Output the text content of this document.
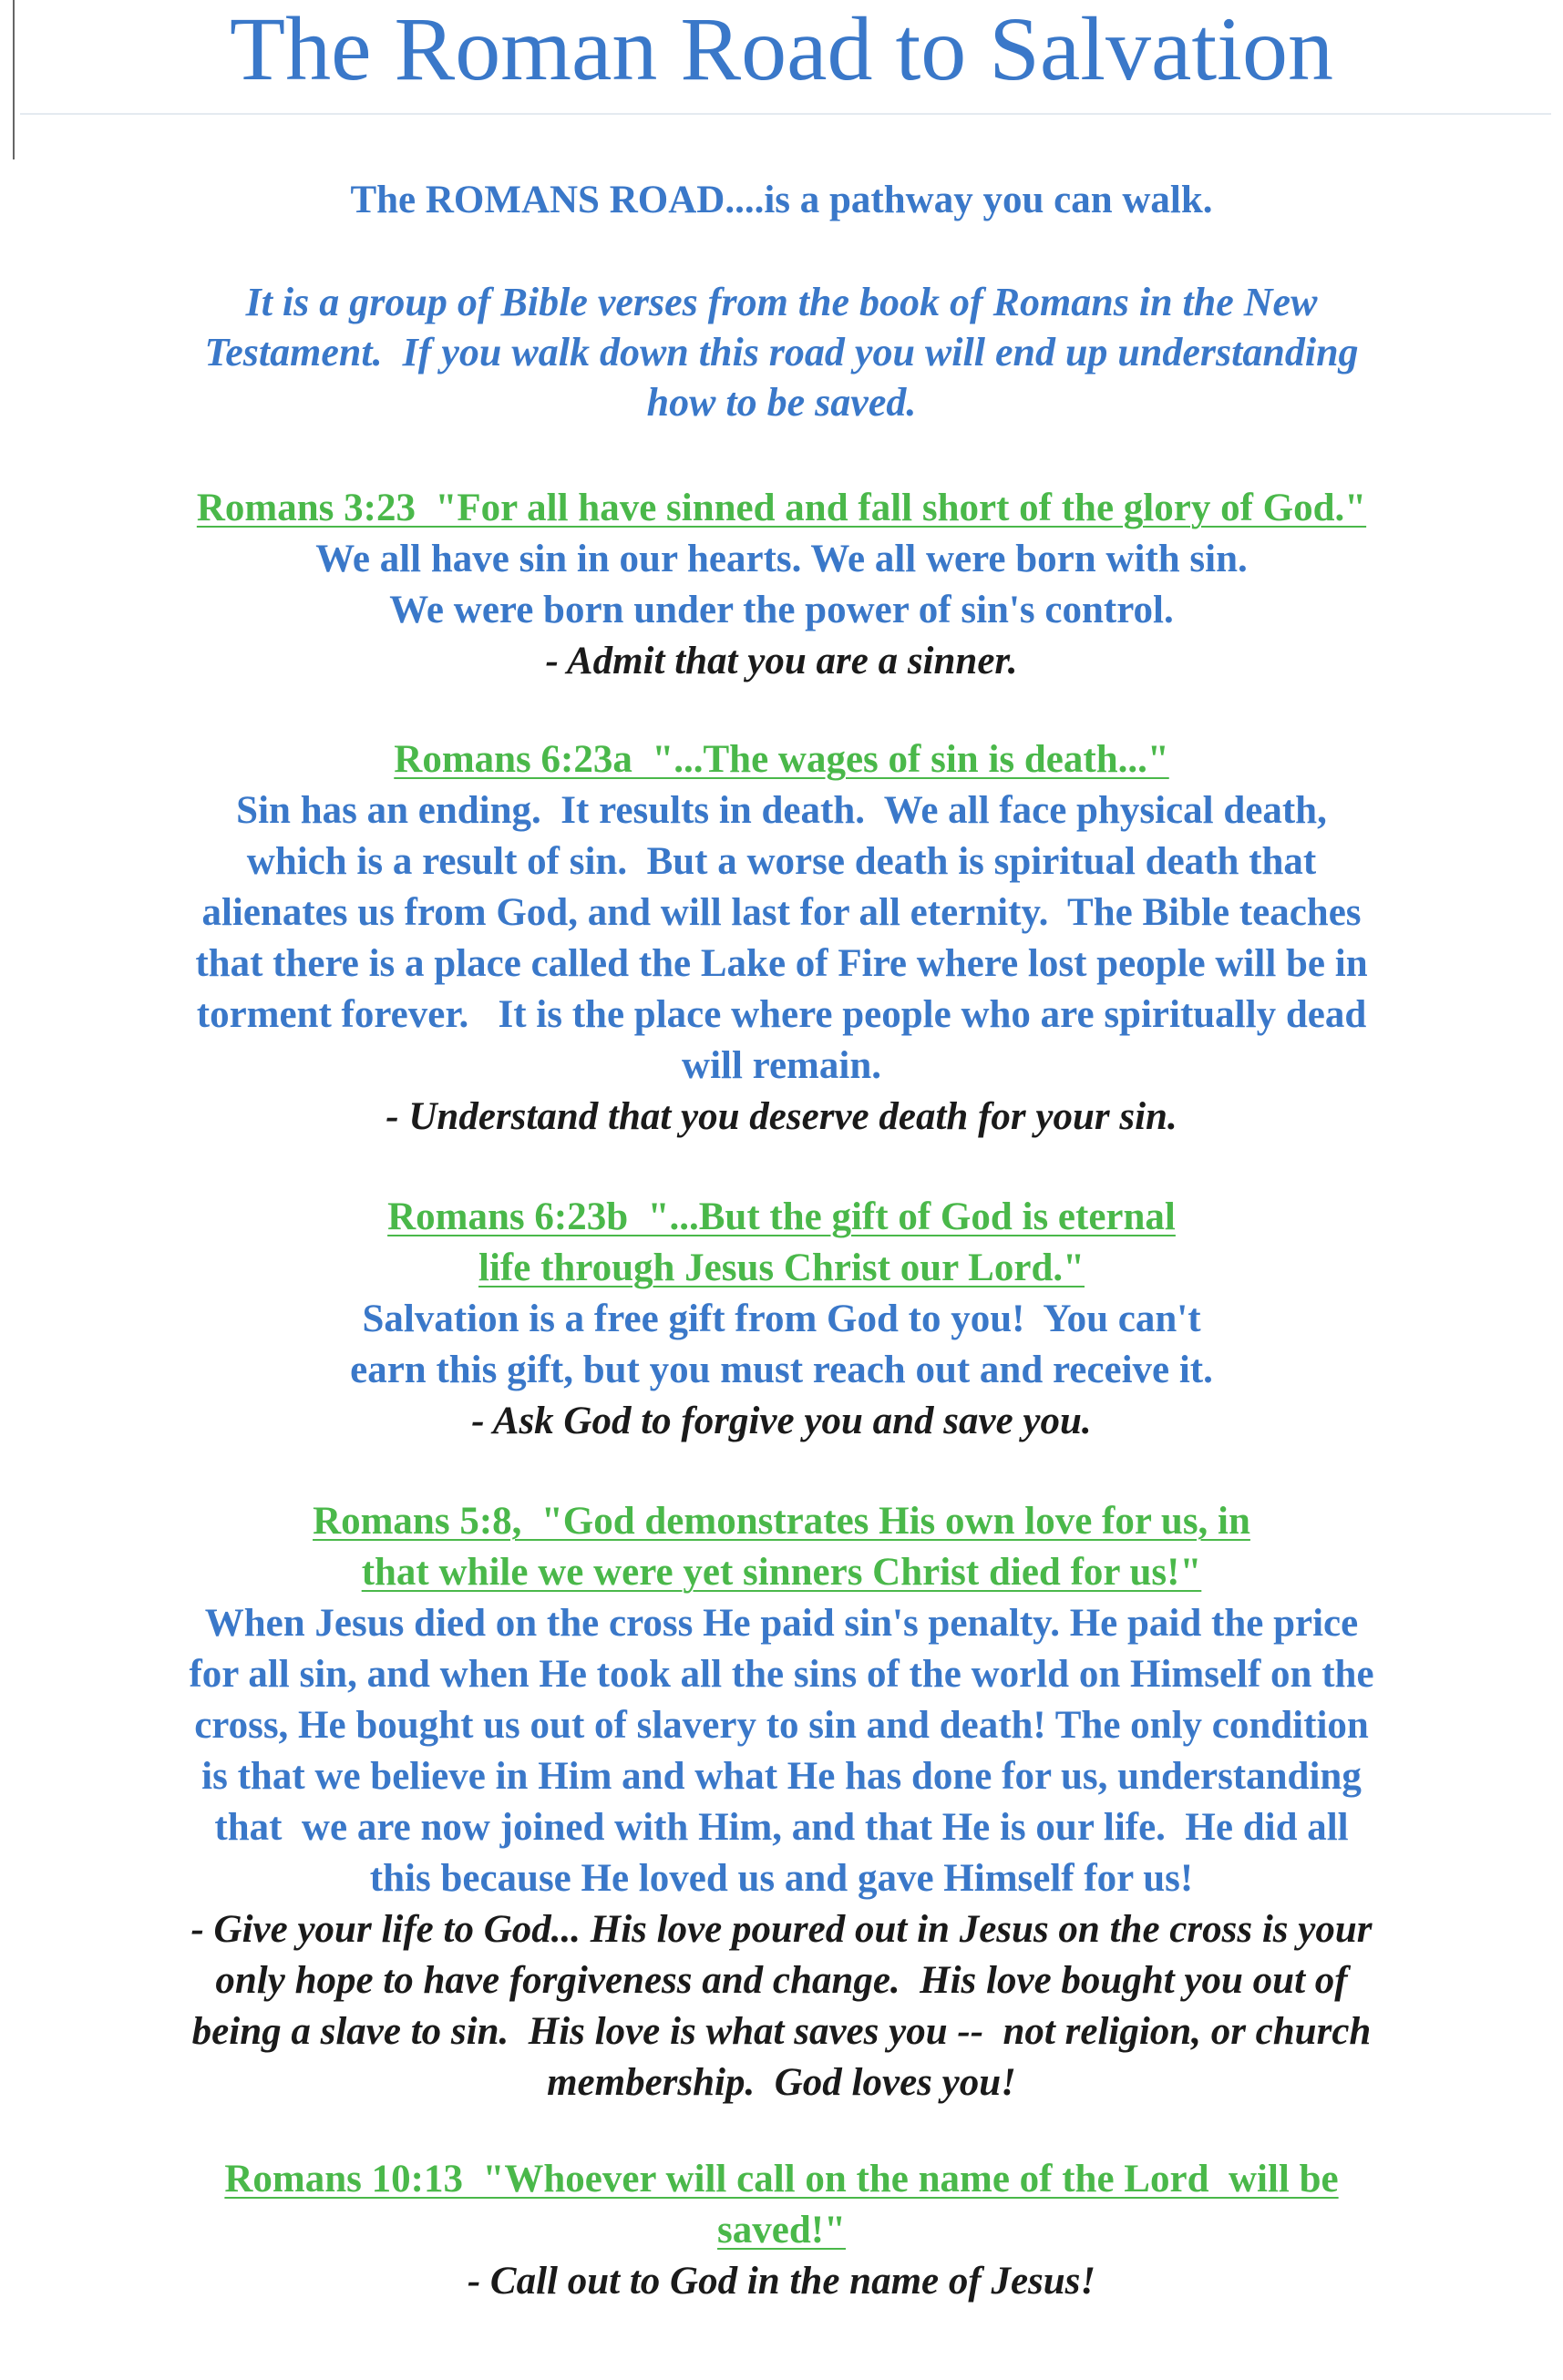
The Roman Road to Salvation
The ROMANS ROAD....is a pathway you can walk.
It is a group of Bible verses from the book of Romans in the New
Testament.  If you walk down this road you will end up understanding
how to be saved.
Romans 3:23  "For all have sinned and fall short of the glory of God."
We all have sin in our hearts. We all were born with sin.
We were born under the power of sin's control.
- Admit that you are a sinner.
Romans 6:23a  "...The wages of sin is death..."
Sin has an ending.  It results in death.  We all face physical death,
which is a result of sin.  But a worse death is spiritual death that
alienates us from God, and will last for all eternity.  The Bible teaches
that there is a place called the Lake of Fire where lost people will be in
torment forever.   It is the place where people who are spiritually dead
will remain.
- Understand that you deserve death for your sin.
Romans 6:23b  "...But the gift of God is eternal
life through Jesus Christ our Lord."
Salvation is a free gift from God to you!  You can't
earn this gift, but you must reach out and receive it.
- Ask God to forgive you and save you.
Romans 5:8,  "God demonstrates His own love for us, in
that while we were yet sinners Christ died for us!"
When Jesus died on the cross He paid sin's penalty. He paid the price
for all sin, and when He took all the sins of the world on Himself on the
cross, He bought us out of slavery to sin and death! The only condition
is that we believe in Him and what He has done for us, understanding
that  we are now joined with Him, and that He is our life.  He did all
this because He loved us and gave Himself for us!
- Give your life to God... His love poured out in Jesus on the cross is your
only hope to have forgiveness and change.  His love bought you out of
being a slave to sin.  His love is what saves you --  not religion, or church
membership.  God loves you!
Romans 10:13  "Whoever will call on the name of the Lord  will be
saved!"
- Call out to God in the name of Jesus!
